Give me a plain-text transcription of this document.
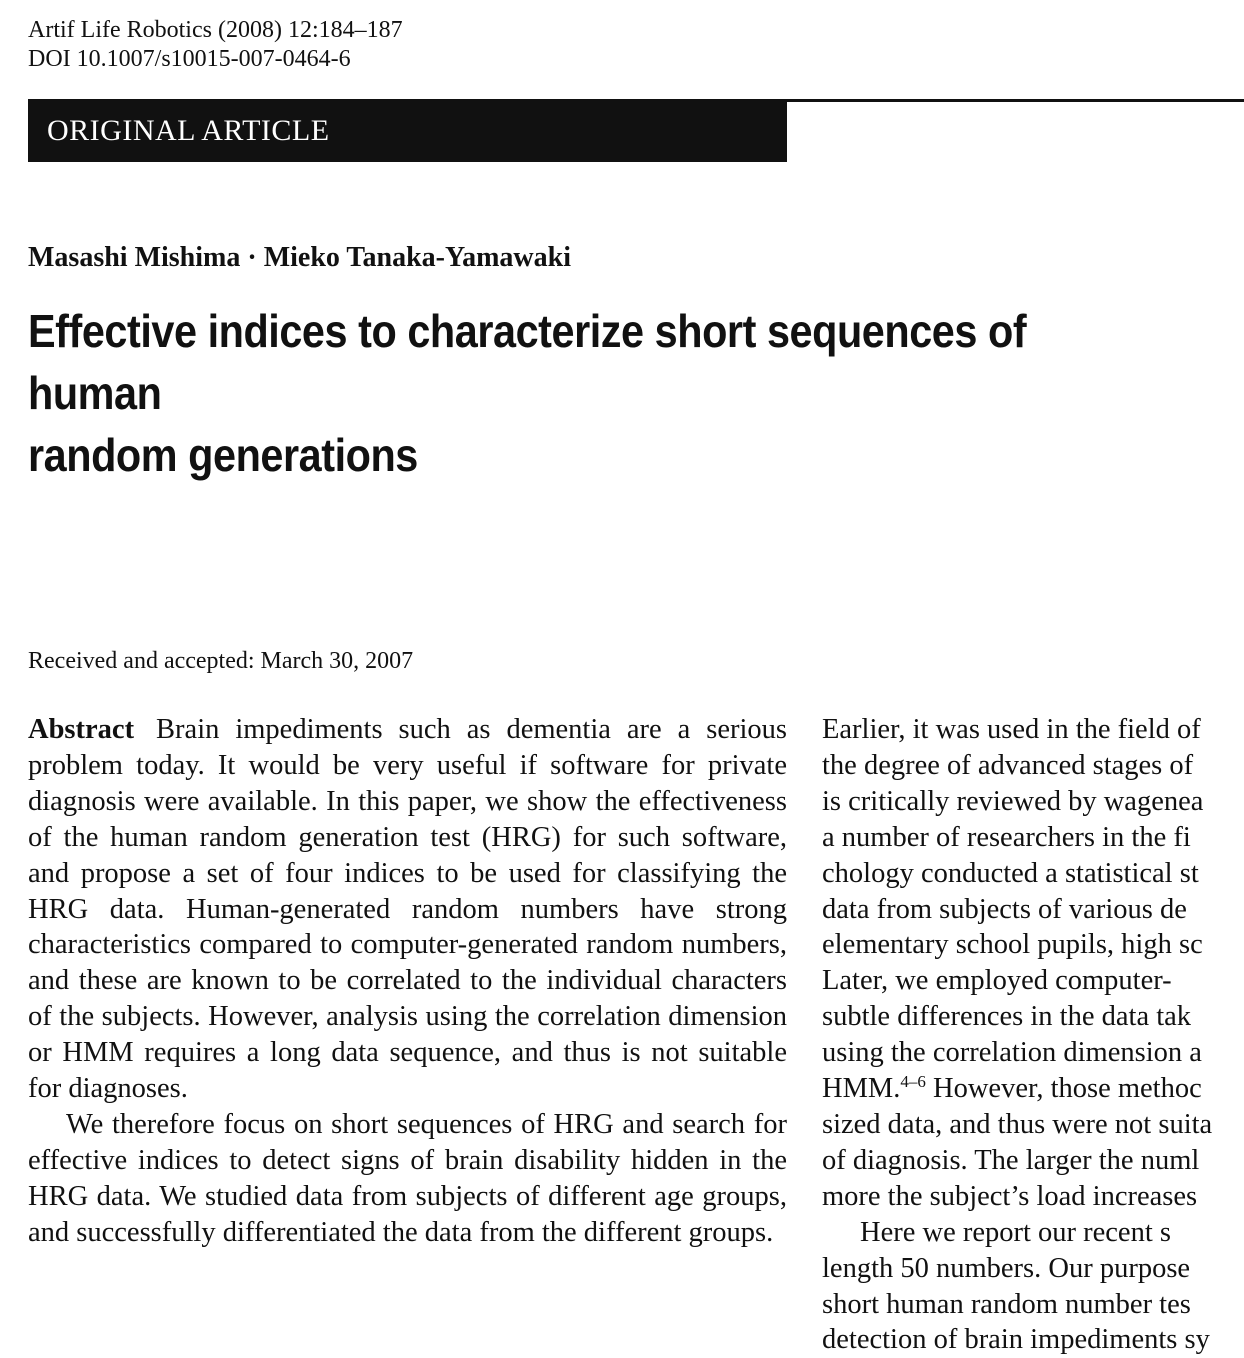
Artif Life Robotics (2008) 12:184–187
DOI 10.1007/s10015-007-0464-6
ORIGINAL ARTICLE
Masashi Mishima · Mieko Tanaka-Yamawaki
Effective indices to characterize short sequences of human
random generations
Received and accepted: March 30, 2007

Abstract Brain impediments such as dementia are a serious problem today. It would be very useful if software for private diagnosis were available. In this paper, we show the effectiveness of the human random generation test (HRG) for such software, and propose a set of four indices to be used for classifying the HRG data. Human-generated random numbers have strong characteristics compared to computer-generated random numbers, and these are known to be correlated to the individual characters of the subjects. However, analysis using the correlation dimension or HMM requires a long data sequence, and thus is not suitable for diagnoses.

We therefore focus on short sequences of HRG and search for effective indices to detect signs of brain disability hidden in the HRG data. We studied data from subjects of different age groups, and successfully differentiated the data from the different groups.

Earlier, it was used in the field of
the degree of advanced stages of
is critically reviewed by wagenea
a number of researchers in the fi
chology conducted a statistical st
data from subjects of various de
elementary school pupils, high sc
Later, we employed computer-
subtle differences in the data tak
using the correlation dimension a
HMM.$^{4-6}$ However, those methoc
sized data, and thus were not suita
of diagnosis. The larger the numl
more the subject’s load increases
Here we report our recent s
length 50 numbers. Our purpose
short human random number tes
detection of brain impediments sy
